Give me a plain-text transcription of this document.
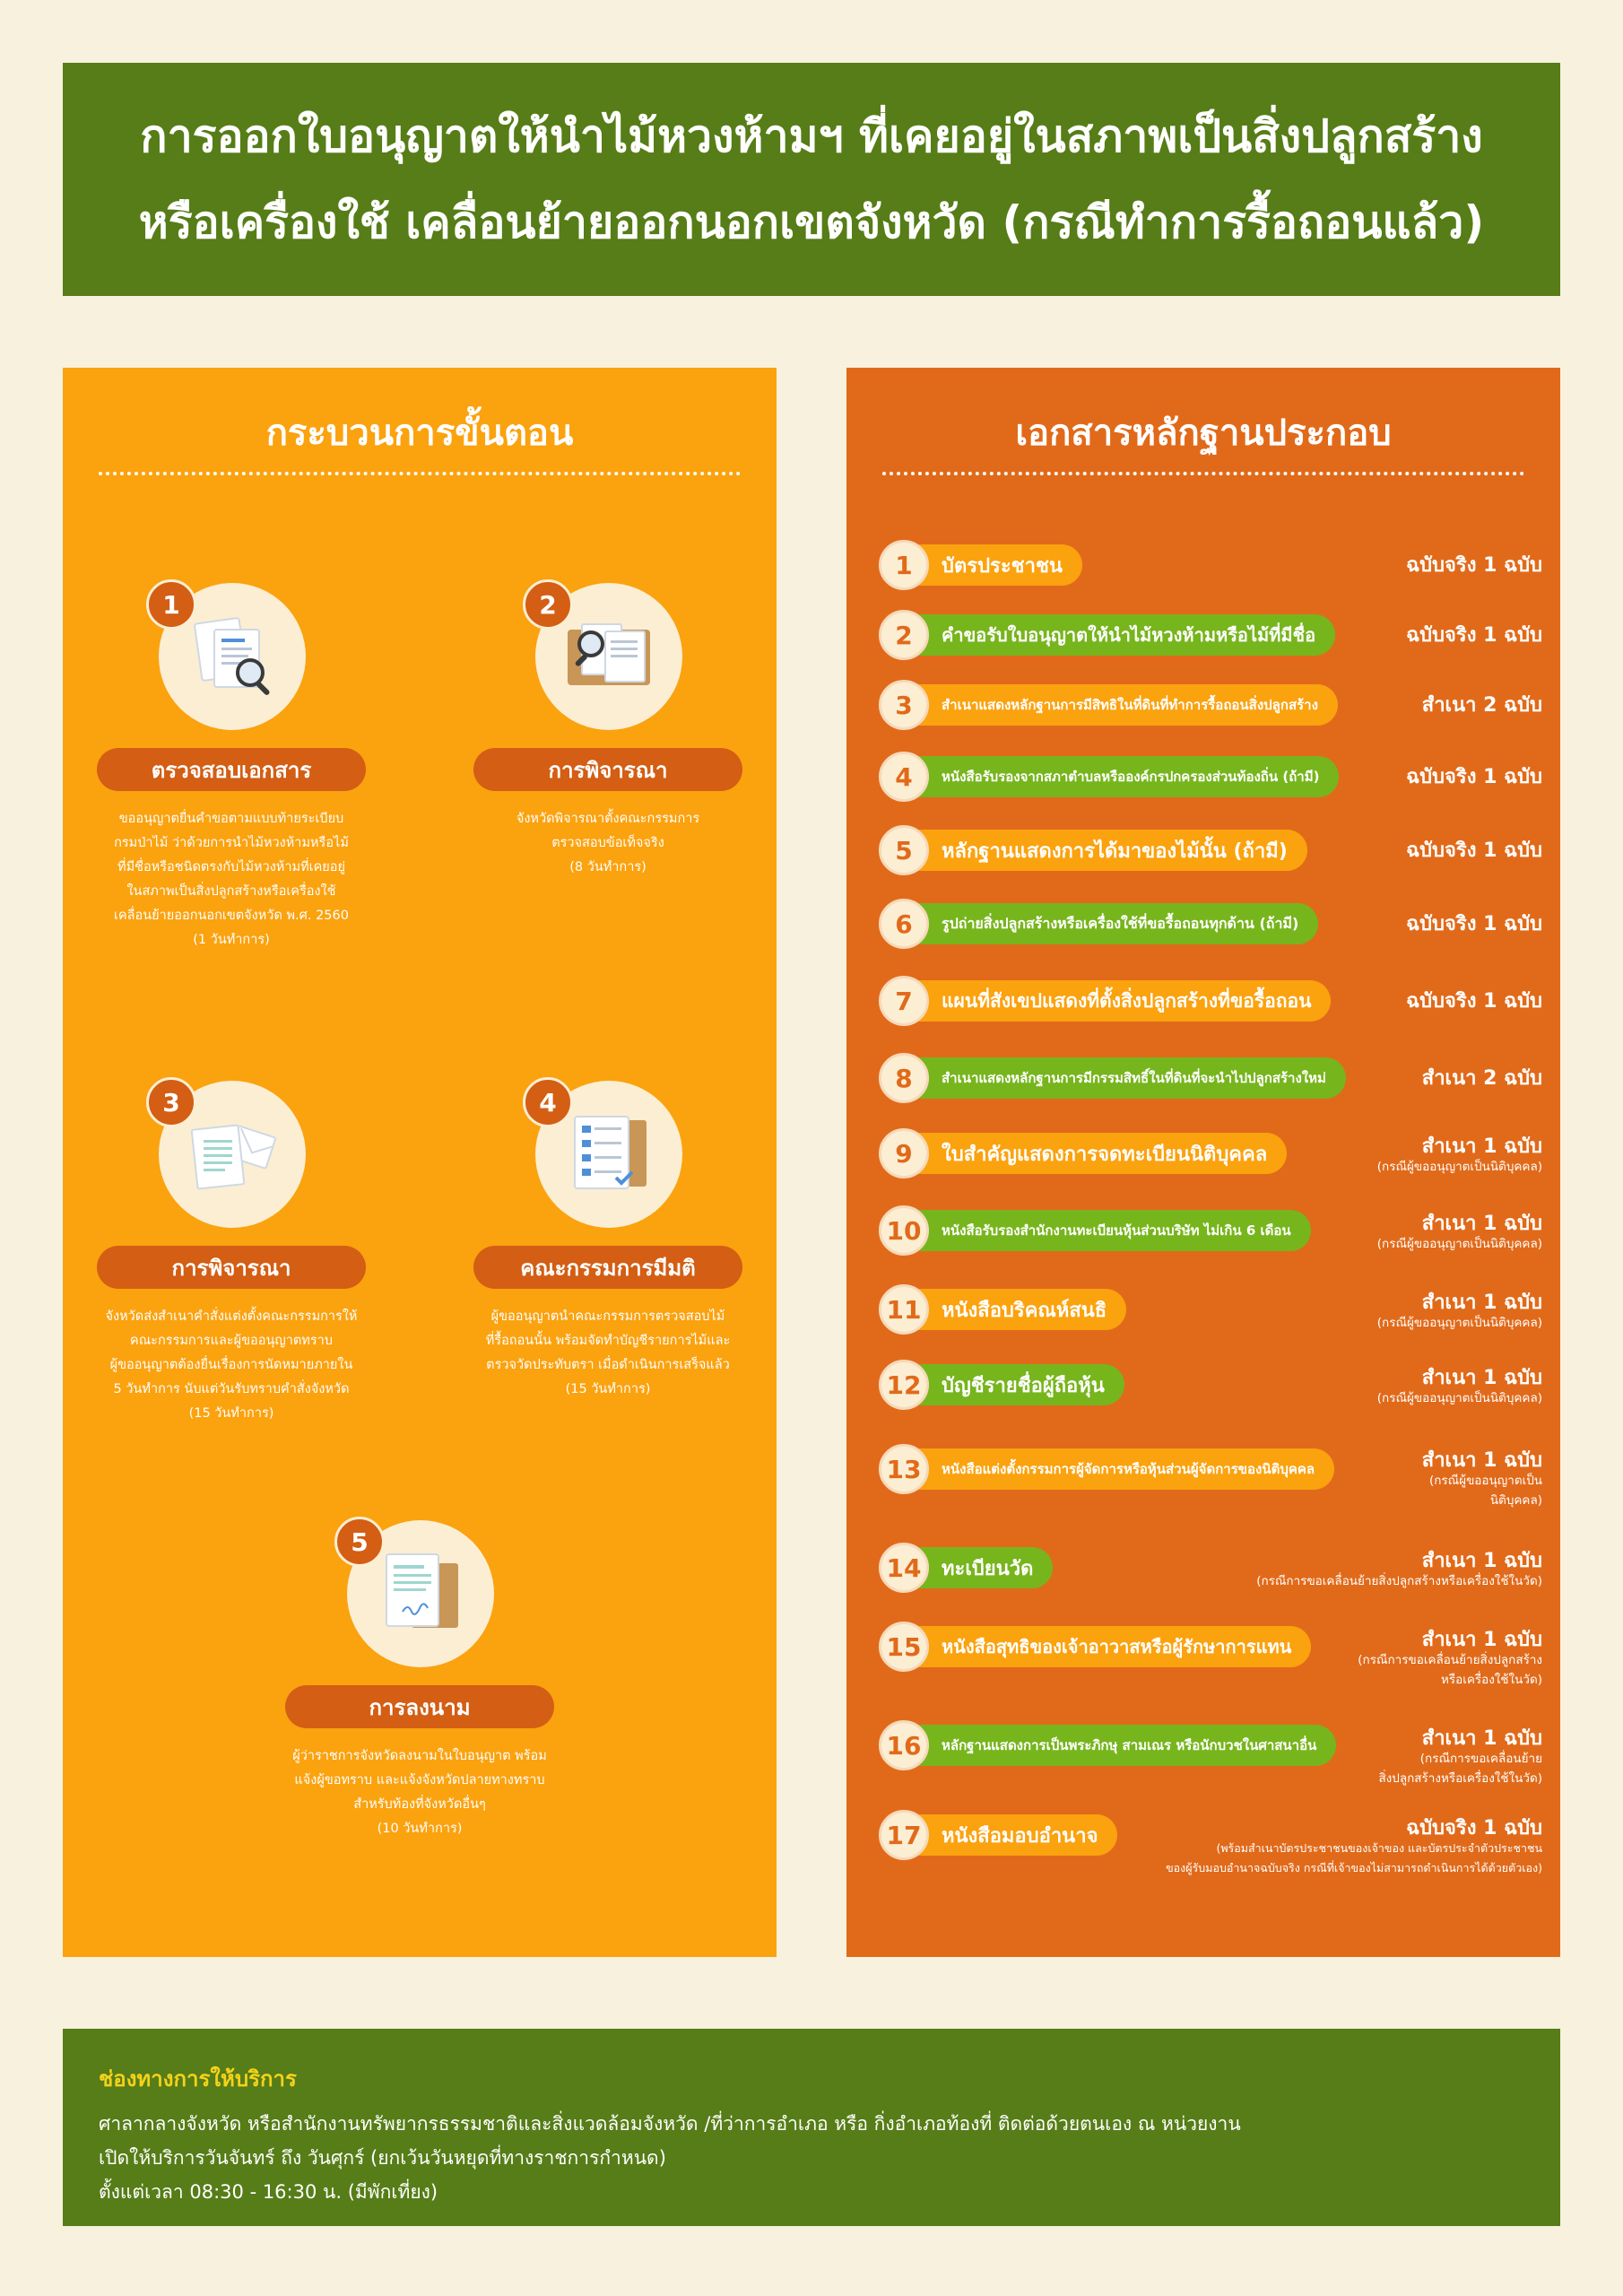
การออกใบอนุญาตให้นำไม้หวงห้ามฯ ที่เคยอยู่ในสภาพเป็นสิ่งปลูกสร้าง
หรือเครื่องใช้ เคลื่อนย้ายออกนอกเขตจังหวัด (กรณีทำการรื้อถอนแล้ว)
กระบวนการขั้นตอน
1
ตรวจสอบเอกสาร
ขออนุญาตยื่นคำขอตามแบบท้ายระเบียบ
กรมป่าไม้ ว่าด้วยการนำไม้หวงห้ามหรือไม้
ที่มีชื่อหรือชนิดตรงกับไม้หวงห้ามที่เคยอยู่
ในสภาพเป็นสิ่งปลูกสร้างหรือเครื่องใช้
เคลื่อนย้ายออกนอกเขตจังหวัด พ.ศ. 2560
(1 วันทำการ)
2
การพิจารณา
จังหวัดพิจารณาตั้งคณะกรรมการ
ตรวจสอบข้อเท็จจริง
(8 วันทำการ)
3
การพิจารณา
จังหวัดส่งสำเนาคำสั่งแต่งตั้งคณะกรรมการให้
คณะกรรมการและผู้ขออนุญาตทราบ
ผู้ขออนุญาตต้องยื่นเรื่องการนัดหมายภายใน
5 วันทำการ นับแต่วันรับทราบคำสั่งจังหวัด
(15 วันทำการ)
4
คณะกรรมการมีมติ
ผู้ขออนุญาตนำคณะกรรมการตรวจสอบไม้
ที่รื้อถอนนั้น พร้อมจัดทำบัญชีรายการไม้และ
ตรวจวัดประทับตรา เมื่อดำเนินการเสร็จแล้ว
(15 วันทำการ)
5
การลงนาม
ผู้ว่าราชการจังหวัดลงนามในใบอนุญาต พร้อม
แจ้งผู้ขอทราบ และแจ้งจังหวัดปลายทางทราบ
สำหรับท้องที่จังหวัดอื่นๆ
(10 วันทำการ)
เอกสารหลักฐานประกอบ
1	บัตรประชาชน	ฉบับจริง 1 ฉบับ
2	คำขอรับใบอนุญาตให้นำไม้หวงห้ามหรือไม้ที่มีชื่อ	ฉบับจริง 1 ฉบับ
3	สำเนาแสดงหลักฐานการมีสิทธิในที่ดินที่ทำการรื้อถอนสิ่งปลูกสร้าง	สำเนา 2 ฉบับ
4	หนังสือรับรองจากสภาตำบลหรือองค์กรปกครองส่วนท้องถิ่น (ถ้ามี)	ฉบับจริง 1 ฉบับ
5	หลักฐานแสดงการได้มาของไม้นั้น (ถ้ามี)	ฉบับจริง 1 ฉบับ
6	รูปถ่ายสิ่งปลูกสร้างหรือเครื่องใช้ที่ขอรื้อถอนทุกด้าน (ถ้ามี)	ฉบับจริง 1 ฉบับ
7	แผนที่สังเขปแสดงที่ตั้งสิ่งปลูกสร้างที่ขอรื้อถอน	ฉบับจริง 1 ฉบับ
8	สำเนาแสดงหลักฐานการมีกรรมสิทธิ์ในที่ดินที่จะนำไปปลูกสร้างใหม่	สำเนา 2 ฉบับ
9	ใบสำคัญแสดงการจดทะเบียนนิติบุคคล	สำเนา 1 ฉบับ
(กรณีผู้ขออนุญาตเป็นนิติบุคคล)
10	หนังสือรับรองสำนักงานทะเบียนหุ้นส่วนบริษัท ไม่เกิน 6 เดือน	สำเนา 1 ฉบับ
(กรณีผู้ขออนุญาตเป็นนิติบุคคล)
11	หนังสือบริคณห์สนธิ	สำเนา 1 ฉบับ
(กรณีผู้ขออนุญาตเป็นนิติบุคคล)
12	บัญชีรายชื่อผู้ถือหุ้น	สำเนา 1 ฉบับ
(กรณีผู้ขออนุญาตเป็นนิติบุคคล)
13	หนังสือแต่งตั้งกรรมการผู้จัดการหรือหุ้นส่วนผู้จัดการของนิติบุคคล	สำเนา 1 ฉบับ
(กรณีผู้ขออนุญาตเป็น
นิติบุคคล)
14	ทะเบียนวัด	สำเนา 1 ฉบับ
(กรณีการขอเคลื่อนย้ายสิ่งปลูกสร้างหรือเครื่องใช้ในวัด)
15	หนังสือสุทธิของเจ้าอาวาสหรือผู้รักษาการแทน	สำเนา 1 ฉบับ
(กรณีการขอเคลื่อนย้ายสิ่งปลูกสร้าง
หรือเครื่องใช้ในวัด)
16	หลักฐานแสดงการเป็นพระภิกษุ สามเณร หรือนักบวชในศาสนาอื่น	สำเนา 1 ฉบับ
(กรณีการขอเคลื่อนย้าย
สิ่งปลูกสร้างหรือเครื่องใช้ในวัด)
17	หนังสือมอบอำนาจ	ฉบับจริง 1 ฉบับ
(พร้อมสำเนาบัตรประชาชนของเจ้าของ และบัตรประจำตัวประชาชน
ของผู้รับมอบอำนาจฉบับจริง กรณีที่เจ้าของไม่สามารถดำเนินการได้ด้วยตัวเอง)
ช่องทางการให้บริการ
ศาลากลางจังหวัด หรือสำนักงานทรัพยากรธรรมชาติและสิ่งแวดล้อมจังหวัด /ที่ว่าการอำเภอ หรือ กิ่งอำเภอท้องที่ ติดต่อด้วยตนเอง ณ หน่วยงาน
เปิดให้บริการวันจันทร์ ถึง วันศุกร์ (ยกเว้นวันหยุดที่ทางราชการกำหนด)
ตั้งแต่เวลา 08:30 - 16:30 น. (มีพักเที่ยง)
